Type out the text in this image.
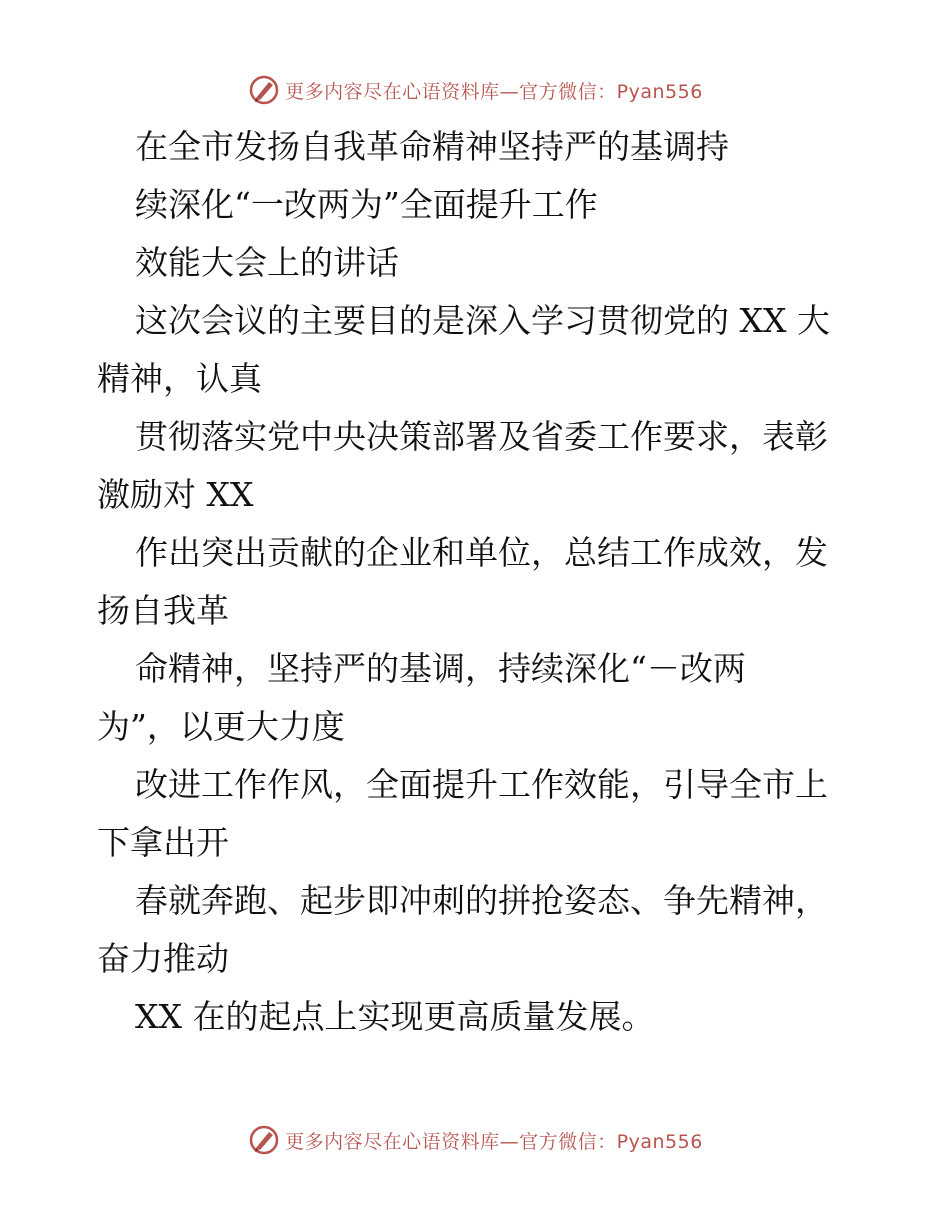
更多内容尽在心语资料库—官方微信：Pyan556
在全市发扬自我革命精神坚持严的基调持
续深化“一改两为”全面提升工作
效能大会上的讲话
这次会议的主要目的是深入学习贯彻党的 XX 大
精神，认真
贯彻落实党中央决策部署及省委工作要求，表彰
激励对 XX
作出突出贡献的企业和单位，总结工作成效，发
扬自我革
命精神，坚持严的基调，持续深化“－改两
为”，以更大力度
改进工作作风，全面提升工作效能，引导全市上
下拿出开
春就奔跑、起步即冲刺的拼抢姿态、争先精神，
奋力推动
XX 在的起点上实现更高质量发展。
更多内容尽在心语资料库—官方微信：Pyan556
